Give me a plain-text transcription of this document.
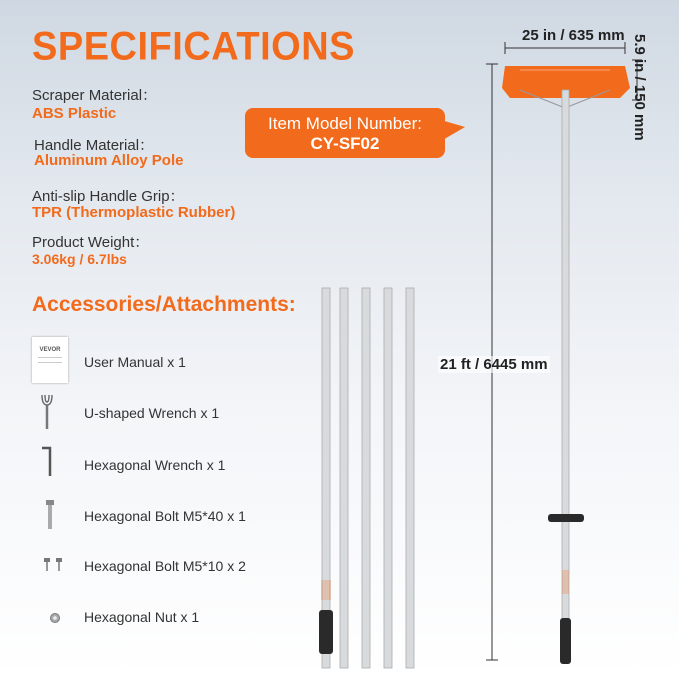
SPECIFICATIONS
Scraper Material：
ABS Plastic
Handle Material：
Aluminum Alloy Pole
Anti-slip Handle Grip：
TPR (Thermoplastic Rubber)
Product Weight：
3.06kg / 6.7lbs
Accessories/Attachments:
VEVOR
User Manual x 1
U-shaped Wrench x 1
Hexagonal Wrench x 1
Hexagonal Bolt M5*40 x 1
Hexagonal Bolt M5*10 x 2
Hexagonal Nut x 1
Item Model Number:
CY-SF02
25 in / 635 mm 5.9 in / 150 mm
21 ft / 6445 mm
